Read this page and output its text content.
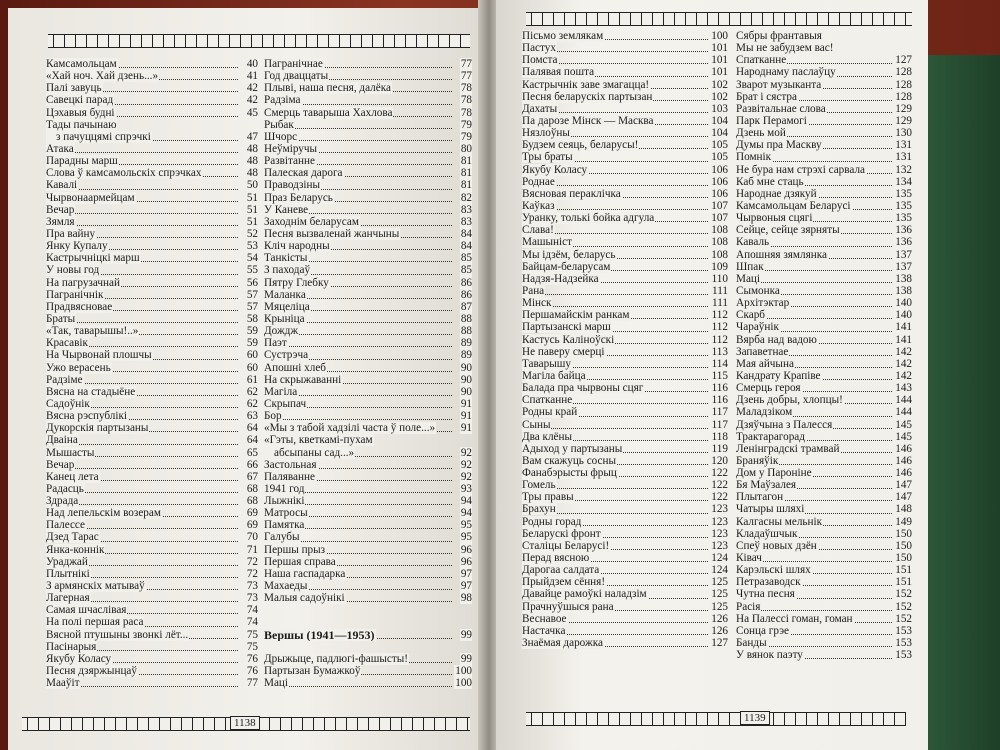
Камсамольцам	40
«Хай ноч. Хай дзень...»	41
Палі завуць	42
Савецкі парад	42
Цэхавыя будні	45
Тады пачынаю
з пачуццямі спрэчкі	47
Атака	48
Парадны марш	48
Слова ў камсамольскіх спрэчках	48
Кавалі	50
Чырвонаармейцам	51
Вечар	51
Зямля	51
Пра вайну	52
Янку Купалу	53
Кастрычніцкі марш	54
У новы год	55
На пагрузачнай	56
Пагранічнік	57
Прадвясновае	57
Браты	58
«Так, таварышы!..»	59
Красавік	59
На Чырвонай плошчы	60
Ужо верасень	60
Радзіме	61
Вясна на стадыёне	62
Садоўнік	62
Вясна рэспублікі	63
Дукорскія партызаны	64
Дваіна	64
Мышасты	65
Вечар	66
Канец лета	67
Радасць	68
Здрада	68
Над лепельскім возерам	69
Палессе	69
Дзед Тарас	70
Янка-коннік	71
Ураджай	72
Плытнікі	72
З армянскіх матываў	73
Лагерная	73
Самая шчаслівая	74
На полі першая раса	74
Вясной птушыны звонкі лёт...	75
Пасінарыя	75
Якубу Коласу	76
Песня дзяржынцаў	76
Мааўіт	77
Пагранічнае	77
Год дваццаты	77
Плыві, наша песня, далёка	78
Радзіма	78
Смерць таварыша Хахлова	78
Рыбак	79
Шчорс	79
Неўміручы	80
Развітанне	81
Палеская дарога	81
Праводзіны	81
Праз Беларусь	82
У Каневе	83
Заходнім беларусам	83
Песня вызваленай жанчыны	84
Кліч народны	84
Танкісты	85
З паходаў	85
Пятру Глебку	86
Маланка	86
Мяцеліца	87
Крыніца	88
Дождж	88
Паэт	89
Сустрэча	89
Апошні хлеб	90
На скрыжаванні	90
Магіла	90
Скрыпач	91
Бор	91
«Мы з табой хадзілі часта ў поле...» 91
«Гэты, кветкамі-пухам
абсыпаны сад...»	92
Застольная	92
Паляванне	92
1941 год	93
Лыжнікі	94
Матросы	94
Памятка	95
Галубы	95
Першы прыз	96
Першая справа	96
Наша гаспадарка	97
Махаеды	97
Малыя садоўнікі	98
Вершы (1941—1953)	99
Дрыжыце, падлюгі-фашысты!	99
Партызан Бумажкоў	100
Маці	100
1138
Пісьмо землякам	100
Пастух	101
Помста	101
Палявая пошта	101
Кастрычнік заве змагацца!	102
Песня беларускіх партызан	102
Дахаты	103
Па дарозе Мінск — Масква	104
Нязлоўны	104
Будзем сеяць, беларусы!	105
Тры браты	105
Якубу Коласу	106
Роднае	106
Вясновая пераклічка	106
Каўказ	107
Уранку, толькі бойка адгула	107
Слава!	108
Машыніст	108
Мы ідзём, беларусь	108
Байцам-беларусам	109
Надзя-Надзейка	110
Рана	111
Мінск	111
Першамайскім ранкам	112
Партызанскі марш	112
Кастусь Каліноўскі	112
Не паверу смерці	113
Таварышу	114
Магіла байца	115
Балада пра чырвоны сцяг	116
Спатканне	116
Родны край	117
Сыны	117
Два клёны	118
Адыход у партызаны	119
Вам скажуць сосны	120
Фанабэрысты фрыц	122
Гомель	122
Тры правы	122
Брахун	123
Родны горад	123
Беларускі фронт	123
Сталіцы Беларусі!	123
Перад вясною	124
Дарогаа салдата	124
Прыйдзем сёння!	125
Давайце рамоўкі наладзім	125
Прачнуўшыся рана	125
Веснавое	126
Настачка	126
Знаёмая дарожка	127
Сябры франтавыя
Мы не забудзем вас!
Спатканне	127
Народнаму паслаўцу	128
Зварот музыканта	128
Брат і сястра	128
Развітальнае слова	129
Парк Перамогі	129
Дзень мой	130
Думы пра Маскву	131
Помнік	131
Не бура нам стрэхі сарвала	132
Каб мне стаць	134
Народнае дзякуй	135
Камсамольцам Беларусі	135
Чырвоныя сцягі	135
Сейце, сейце зярняты	136
Каваль	136
Апошняя зямлянка	137
Шпак	137
Маці	138
Сымонка	138
Архітэктар	140
Скарб	140
Чараўнік	141
Вярба над вадою	141
Запаветнае	142
Мая айчына	142
Кандрату Крапіве	142
Смерць героя	143
Дзень добры, хлопцы!	144
Маладзіком	144
Дзяўчына з Палесся	145
Трактарагорад	145
Ленінградскі трамвай	146
Браняўік	146
Дом у Пароніне	146
Бя Маўзалея	147
Плытагон	147
Чатыры шляхі	148
Калгасны мельнік	149
Кладаўшчык	150
Спеў новых дзён	150
Ківач	150
Карэльскі шлях	151
Петразаводск	151
Чутна песня	152
Расія	152
На Палессі гоман, гоман	152
Сонца грэе	153
Банды	153
У вянок паэту	153
1139
